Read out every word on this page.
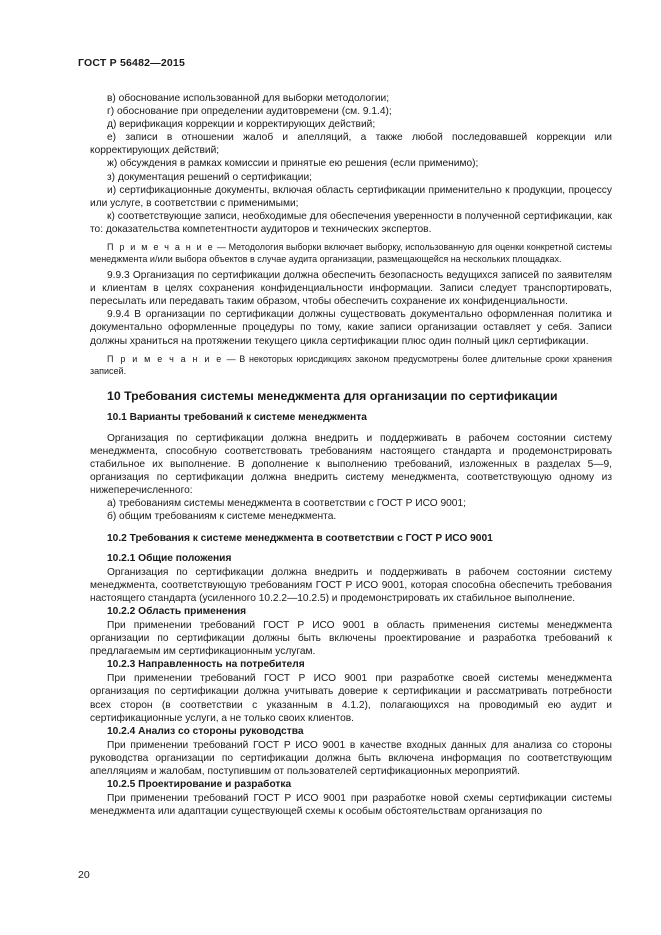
ГОСТ Р 56482—2015

в) обоснование использованной для выборки методологии;

г) обоснование при определении аудитовремени (см. 9.1.4);

д) верификация коррекции и корректирующих действий;

е) записи в отношении жалоб и апелляций, а также любой последовавшей коррекции или корректирующих действий;

ж) обсуждения в рамках комиссии и принятые ею решения (если применимо);

з) документация решений о сертификации;

и) сертификационные документы, включая область сертификации применительно к продукции, процессу или услуге, в соответствии с применимыми;

к) соответствующие записи, необходимые для обеспечения уверенности в полученной сертификации, как то: доказательства компетентности аудиторов и технических экспертов.

П р и м е ч а н и е — Методология выборки включает выборку, использованную для оценки конкретной системы менеджмента и/или выбора объектов в случае аудита организации, размещающейся на нескольких площадках.

9.9.3 Организация по сертификации должна обеспечить безопасность ведущихся записей по заявителям и клиентам в целях сохранения конфиденциальности информации. Записи следует транспортировать, пересылать или передавать таким образом, чтобы обеспечить сохранение их конфиденциальности.

9.9.4 В организации по сертификации должны существовать документально оформленная политика и документально оформленные процедуры по тому, какие записи организации оставляет у себя. Записи должны храниться на протяжении текущего цикла сертификации плюс один полный цикл сертификации.

П р и м е ч а н и е — В некоторых юрисдикциях законом предусмотрены более длительные сроки хранения записей.

10 Требования системы менеджмента для организации по сертификации
10.1 Варианты требований к системе менеджмента

Организация по сертификации должна внедрить и поддерживать в рабочем состоянии систему менеджмента, способную соответствовать требованиям настоящего стандарта и продемонстрировать стабильное их выполнение. В дополнение к выполнению требований, изложенных в разделах 5—9, организация по сертификации должна внедрить систему менеджмента, соответствующую одному из нижеперечисленного:

а) требованиям системы менеджмента в соответствии с ГОСТ Р ИСО 9001;

б) общим требованиям к системе менеджмента.

10.2 Требования к системе менеджмента в соответствии с ГОСТ Р ИСО 9001
10.2.1 Общие положения

Организация по сертификации должна внедрить и поддерживать в рабочем состоянии систему менеджмента, соответствующую требованиям ГОСТ Р ИСО 9001, которая способна обеспечить требования настоящего стандарта (усиленного 10.2.2—10.2.5) и продемонстрировать их стабильное выполнение.

10.2.2 Область применения

При применении требований ГОСТ Р ИСО 9001 в область применения системы менеджмента организации по сертификации должны быть включены проектирование и разработка требований к предлагаемым им сертификационным услугам.

10.2.3 Направленность на потребителя

При применении требований ГОСТ Р ИСО 9001 при разработке своей системы менеджмента организация по сертификации должна учитывать доверие к сертификации и рассматривать потребности всех сторон (в соответствии с указанным в 4.1.2), полагающихся на проводимый ею аудит и сертификационные услуги, а не только своих клиентов.

10.2.4 Анализ со стороны руководства

При применении требований ГОСТ Р ИСО 9001 в качестве входных данных для анализа со стороны руководства организации по сертификации должна быть включена информация по соответствующим апелляциям и жалобам, поступившим от пользователей сертификационных мероприятий.

10.2.5 Проектирование и разработка

При применении требований ГОСТ Р ИСО 9001 при разработке новой схемы сертификации системы менеджмента или адаптации существующей схемы к особым обстоятельствам организация по

20
